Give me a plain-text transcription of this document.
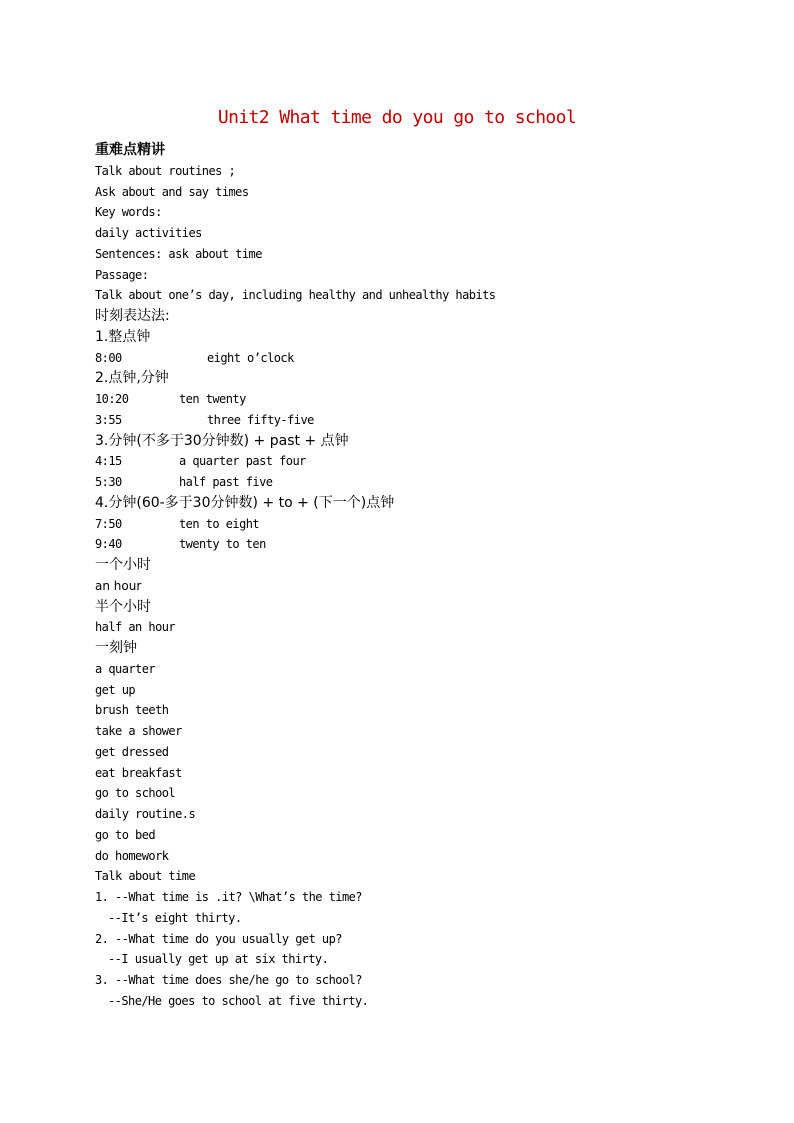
Unit2 What time do you go to school
重难点精讲
Talk about routines ;
Ask about and say times
Key words:
daily activities
Sentences: ask about time
Passage:
Talk about one’s day, including healthy and unhealthy habits
时刻表达法:
1.整点钟
8:00	eight o’clock
2.点钟,分钟
10:20	ten twenty
3:55	three fifty-five
3.分钟(不多于30分钟数) + past + 点钟
4:15	a quarter past four
5:30	half past five
4.分钟(60-多于30分钟数) + to + (下一个)点钟
7:50	ten to eight
9:40	twenty to ten
一个小时
an hour
半个小时
half an hour
一刻钟
a quarter
get up
brush teeth
take a shower
get dressed
eat breakfast
go to school
daily routine.s
go to bed
do homework
Talk about time
1. --What time is .it? \What’s the time?
--It’s eight thirty.
2. --What time do you usually get up?
--I usually get up at six thirty.
3. --What time does she/he go to school?
--She/He goes to school at five thirty.
